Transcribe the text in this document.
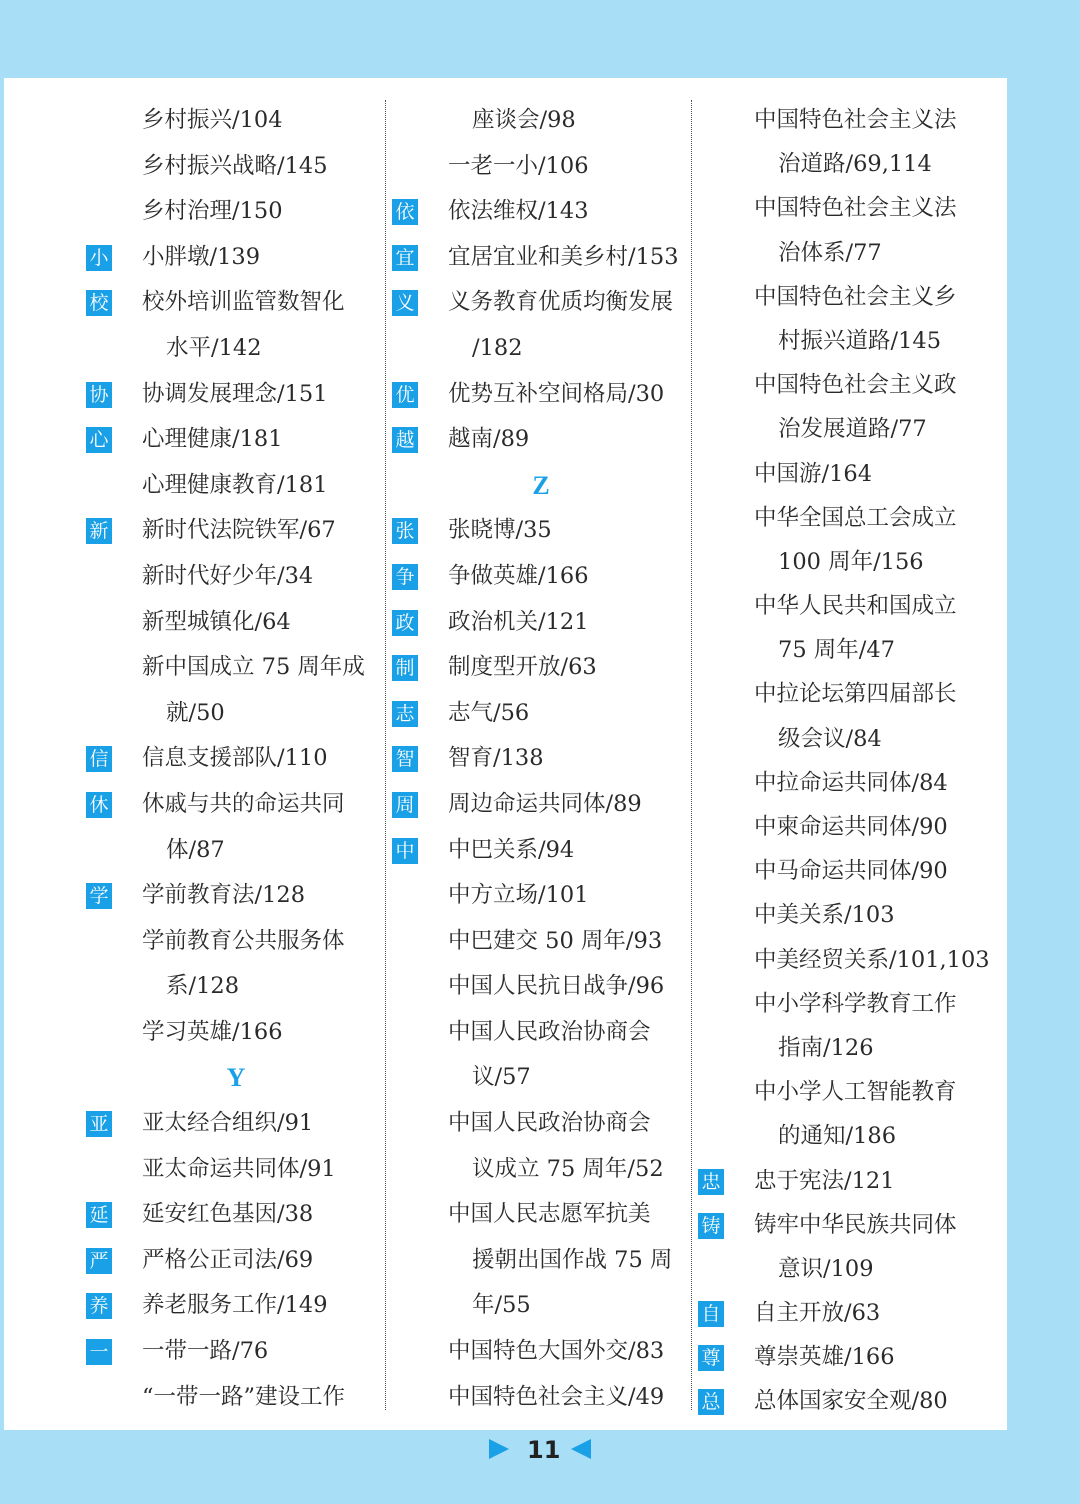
乡村振兴/104
乡村振兴战略/145
乡村治理/150
小 小胖墩/139
校 校外培训监管数智化
水平/142
协 协调发展理念/151
心 心理健康/181
心理健康教育/181
新 新时代法院铁军/67
新时代好少年/34
新型城镇化/64
新中国成立 75 周年成
就/50
信 信息支援部队/110
休 休戚与共的命运共同
体/87
学 学前教育法/128
学前教育公共服务体
系/128
学习英雄/166
Y
亚 亚太经合组织/91
亚太命运共同体/91
延 延安红色基因/38
严 严格公正司法/69
养 养老服务工作/149
一 一带一路/76
“一带一路”建设工作
座谈会/98
一老一小/106
依 依法维权/143
宜 宜居宜业和美乡村/153
义 义务教育优质均衡发展
/182
优 优势互补空间格局/30
越 越南/89
Z
张 张晓博/35
争 争做英雄/166
政 政治机关/121
制 制度型开放/63
志 志气/56
智 智育/138
周 周边命运共同体/89
中 中巴关系/94
中方立场/101
中巴建交 50 周年/93
中国人民抗日战争/96
中国人民政治协商会
议/57
中国人民政治协商会
议成立 75 周年/52
中国人民志愿军抗美
援朝出国作战 75 周
年/55
中国特色大国外交/83
中国特色社会主义/49
中国特色社会主义法
治道路/69,114
中国特色社会主义法
治体系/77
中国特色社会主义乡
村振兴道路/145
中国特色社会主义政
治发展道路/77
中国游/164
中华全国总工会成立
100 周年/156
中华人民共和国成立
75 周年/47
中拉论坛第四届部长
级会议/84
中拉命运共同体/84
中柬命运共同体/90
中马命运共同体/90
中美关系/103
中美经贸关系/101,103
中小学科学教育工作
指南/126
中小学人工智能教育
的通知/186
忠 忠于宪法/121
铸 铸牢中华民族共同体
意识/109
自 自主开放/63
尊 尊崇英雄/166
总 总体国家安全观/80
11
